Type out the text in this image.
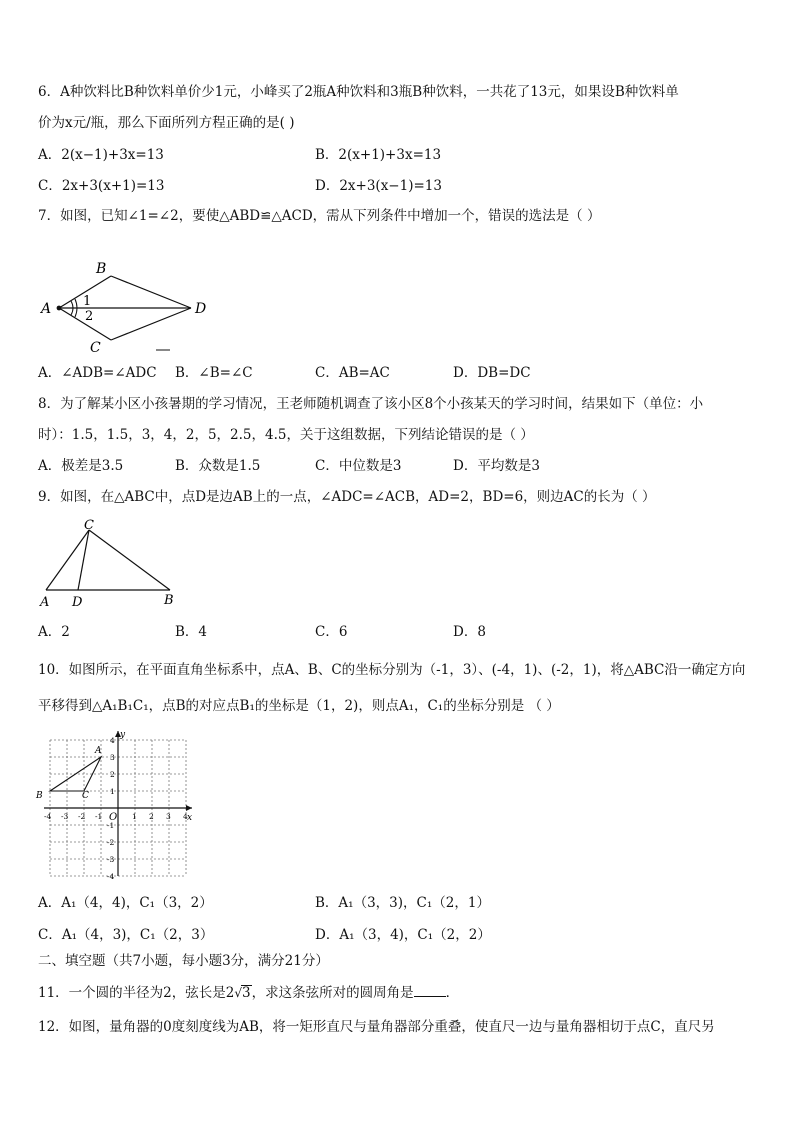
6．A种饮料比B种饮料单价少1元，小峰买了2瓶A种饮料和3瓶B种饮料，一共花了13元，如果设B种饮料单
价为x元/瓶，那么下面所列方程正确的是( )
A．2(x−1)+3x=13	B．2(x+1)+3x=13
C．2x+3(x+1)=13	D．2x+3(x−1)=13
7．如图，已知∠1=∠2，要使△ABD≌△ACD，需从下列条件中增加一个，错误的选法是（ ）
A
B
C
D
1
2
A．∠ADB=∠ADC B．∠B=∠C	C．AB=AC	D．DB=DC
8．为了解某小区小孩暑期的学习情况，王老师随机调查了该小区8个小孩某天的学习时间，结果如下（单位：小
时）：1.5，1.5，3，4，2，5，2.5，4.5，关于这组数据，下列结论错误的是（ ）
A．极差是3.5	B．众数是1.5	C．中位数是3	D．平均数是3
9．如图，在△ABC中，点D是边AB上的一点，∠ADC=∠ACB，AD=2，BD=6，则边AC的长为（ ）
C
A D	B
A．2	B．4	C．6	D．8
10．如图所示，在平面直角坐标系中，点A、B、C的坐标分别为（-1，3）、(-4，1)、(-2，1)，将△ABC沿一确定方向
平移得到△A₁B₁C₁，点B的对应点B₁的坐标是（1，2)，则点A₁，C₁的坐标分别是 （ ）
-4 -3 -2 -1	1 2 3 4
4
3
2
1
-1
-2
-3
-4
y
x
O
A
B	C
A．A₁（4，4)，C₁（3，2）	B．A₁（3，3)，C₁（2，1）
C．A₁（4，3)，C₁（2，3）	D．A₁（3，4)，C₁（2，2）
二、填空题（共7小题，每小题3分，满分21分）
11．一个圆的半径为2，弦长是2√3，求这条弦所对的圆周角是 ．
12．如图，量角器的0度刻度线为AB，将一矩形直尺与量角器部分重叠，使直尺一边与量角器相切于点C，直尺另
